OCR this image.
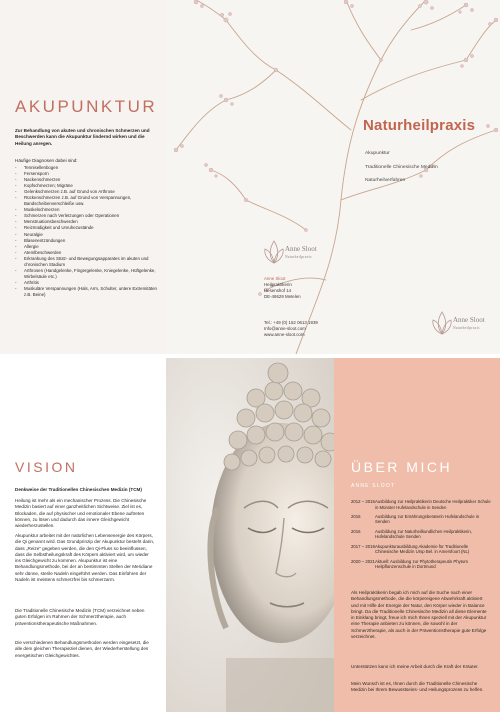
AKUPUNKTUR

Zur Behandlung von akuten und chronischen Schmerzen und Beschwerden kann die Akupunktur lindernd wirken und die Heilung anregen.

Häufige Diagnosen dabei sind:

- Tennisellenbogen
- Fersensporn
- Nackenschmerzen
- Kopfschmerzen; Migräne
- Gelenkschmerzen z.B. auf Grund von Arthrose
- Rückenschmerzen z.B. auf Grund von Verspannungen, Bandscheibenverschleiße usw.
- Muskelschmerzen
- Schmerzen nach Verletzungen oder Operationen
- Menstruationsbeschwerden
- Reizmüdigkeit und Unruhezustände
- Neuralgie
- Blasenentzündungen
- Allergie
- Atemlbeschwerden
- Erkrankung des Stütz- und Bewegungsapparates im akuten und chronischen Stadium
- Arthrosen (Handgelenke, Fingergelenke, Kniegelenke, Hüftgelenke, Wirbelsäule etc.)
- Arthritis
- Muskuläre Verspannungen (Hals, Arm, Schulter, untere Extremitäten z.B. Beine)
Naturheilpraxis
Akupunktur
Traditionelle Chinesische Medizin
Naturheilverfahren
Anne Sloot
Naturheilpraxis
Anne Sloot
Heilpraktikerin
Hesenshof 14
DE-48629 Metelen
Tel.: +49 (0) 152 0613 1939
Info@anne-sloot.com
www.anne-sloot.com
Anne Sloot
Naturheilpraxis
VISION

Denkweise der Traditionellen Chinesischen Medizin (TCM)

Heilung ist mehr als ein mechanischer Prozess. Die Chinesische Medizin basiert auf einer ganzheitlichen Sichtweise. Ziel ist es, Blockaden, die auf physischer und emotionaler Ebene auftreten können, zu lösen und dadurch das innere Gleichgewicht wiederherzustellen.

Akupunktur arbeitet mit der natürlichen Lebensenergie des Körpers, die Qi genannt wird. Das Grundprinzip der Akupunktur besteht darin, dass „Reize" gegeben werden, die den Qi-Fluss so beeinflussen, dass die Selbstheilungskraft des Körpers aktiviert wird, um wieder ins Gleichgewicht zu kommen. Akupunktur ist eine Behandlungsmethode, bei der an bestimmten Stellen der Meridiane sehr dünne, sterile Nadeln eingeführt werden. Das Einführen der Nadeln ist meistens schmerzfrei bis schmerzarm.

Die Traditionelle Chinesische Medizin (TCM) verzeichnet neben guten Erfolgen im Rahmen der Schmerztherapie, auch präventionstherapeutische Maßnahmen.

Die verschiedenen Behandlungsmethoden werden eingesetzt, die alle dem gleichen Therapieziel dienen, der Wiederherstellung des energetischen Gleichgewichtes.

ÜBER MICH
ANNE SLOOT
2012 – 2015 Ausbildung zur Heilpraktikerin Deutsche Heilpraktiker Schule in Münster Hufelandschule in Senden
2016	Ausbildung zur Ernährungsberaterin Hufelandschule in Senden
2016	Ausbildung zur Naturheilkundlichen Heilpraktikerin, Hufelandschule Senden
2017 – 2019 Akupunkturausbildung Akademie für Traditionelle Chinesische Medizin Ursp Bel. in Amersfoort (NL)
2020 – 2021 Aktuell: Ausbildung zur Phytotherapeutin Phytum Heilpflanzenschule in Dortmund

Als Heilpraktikerin begab ich mich auf die Suche nach einer Behandlungsmethode, die die körpereigene Abwehrkraft aktiviert und mit Hilfe der Energie der Natur, den Körper wieder in Balance bringt. Da die Traditionelle Chinesische Medizin all diese Elemente in Einklang bringt, freue ich mich Ihnen speziell mit der Akupunktur eine Therapie anbieten zu können, die sowohl in der Schmerztherapie, als auch in der Präventionstherapie gute Erfolge verzeichnet.

Unterstützen kann ich meine Arbeit durch die Kraft der Kräuter.

Mein Wunsch ist es, Ihnen durch die Traditionelle Chinesische Medizin bei Ihrem Bewusstseins- und Heilungsprozess zu helfen.
